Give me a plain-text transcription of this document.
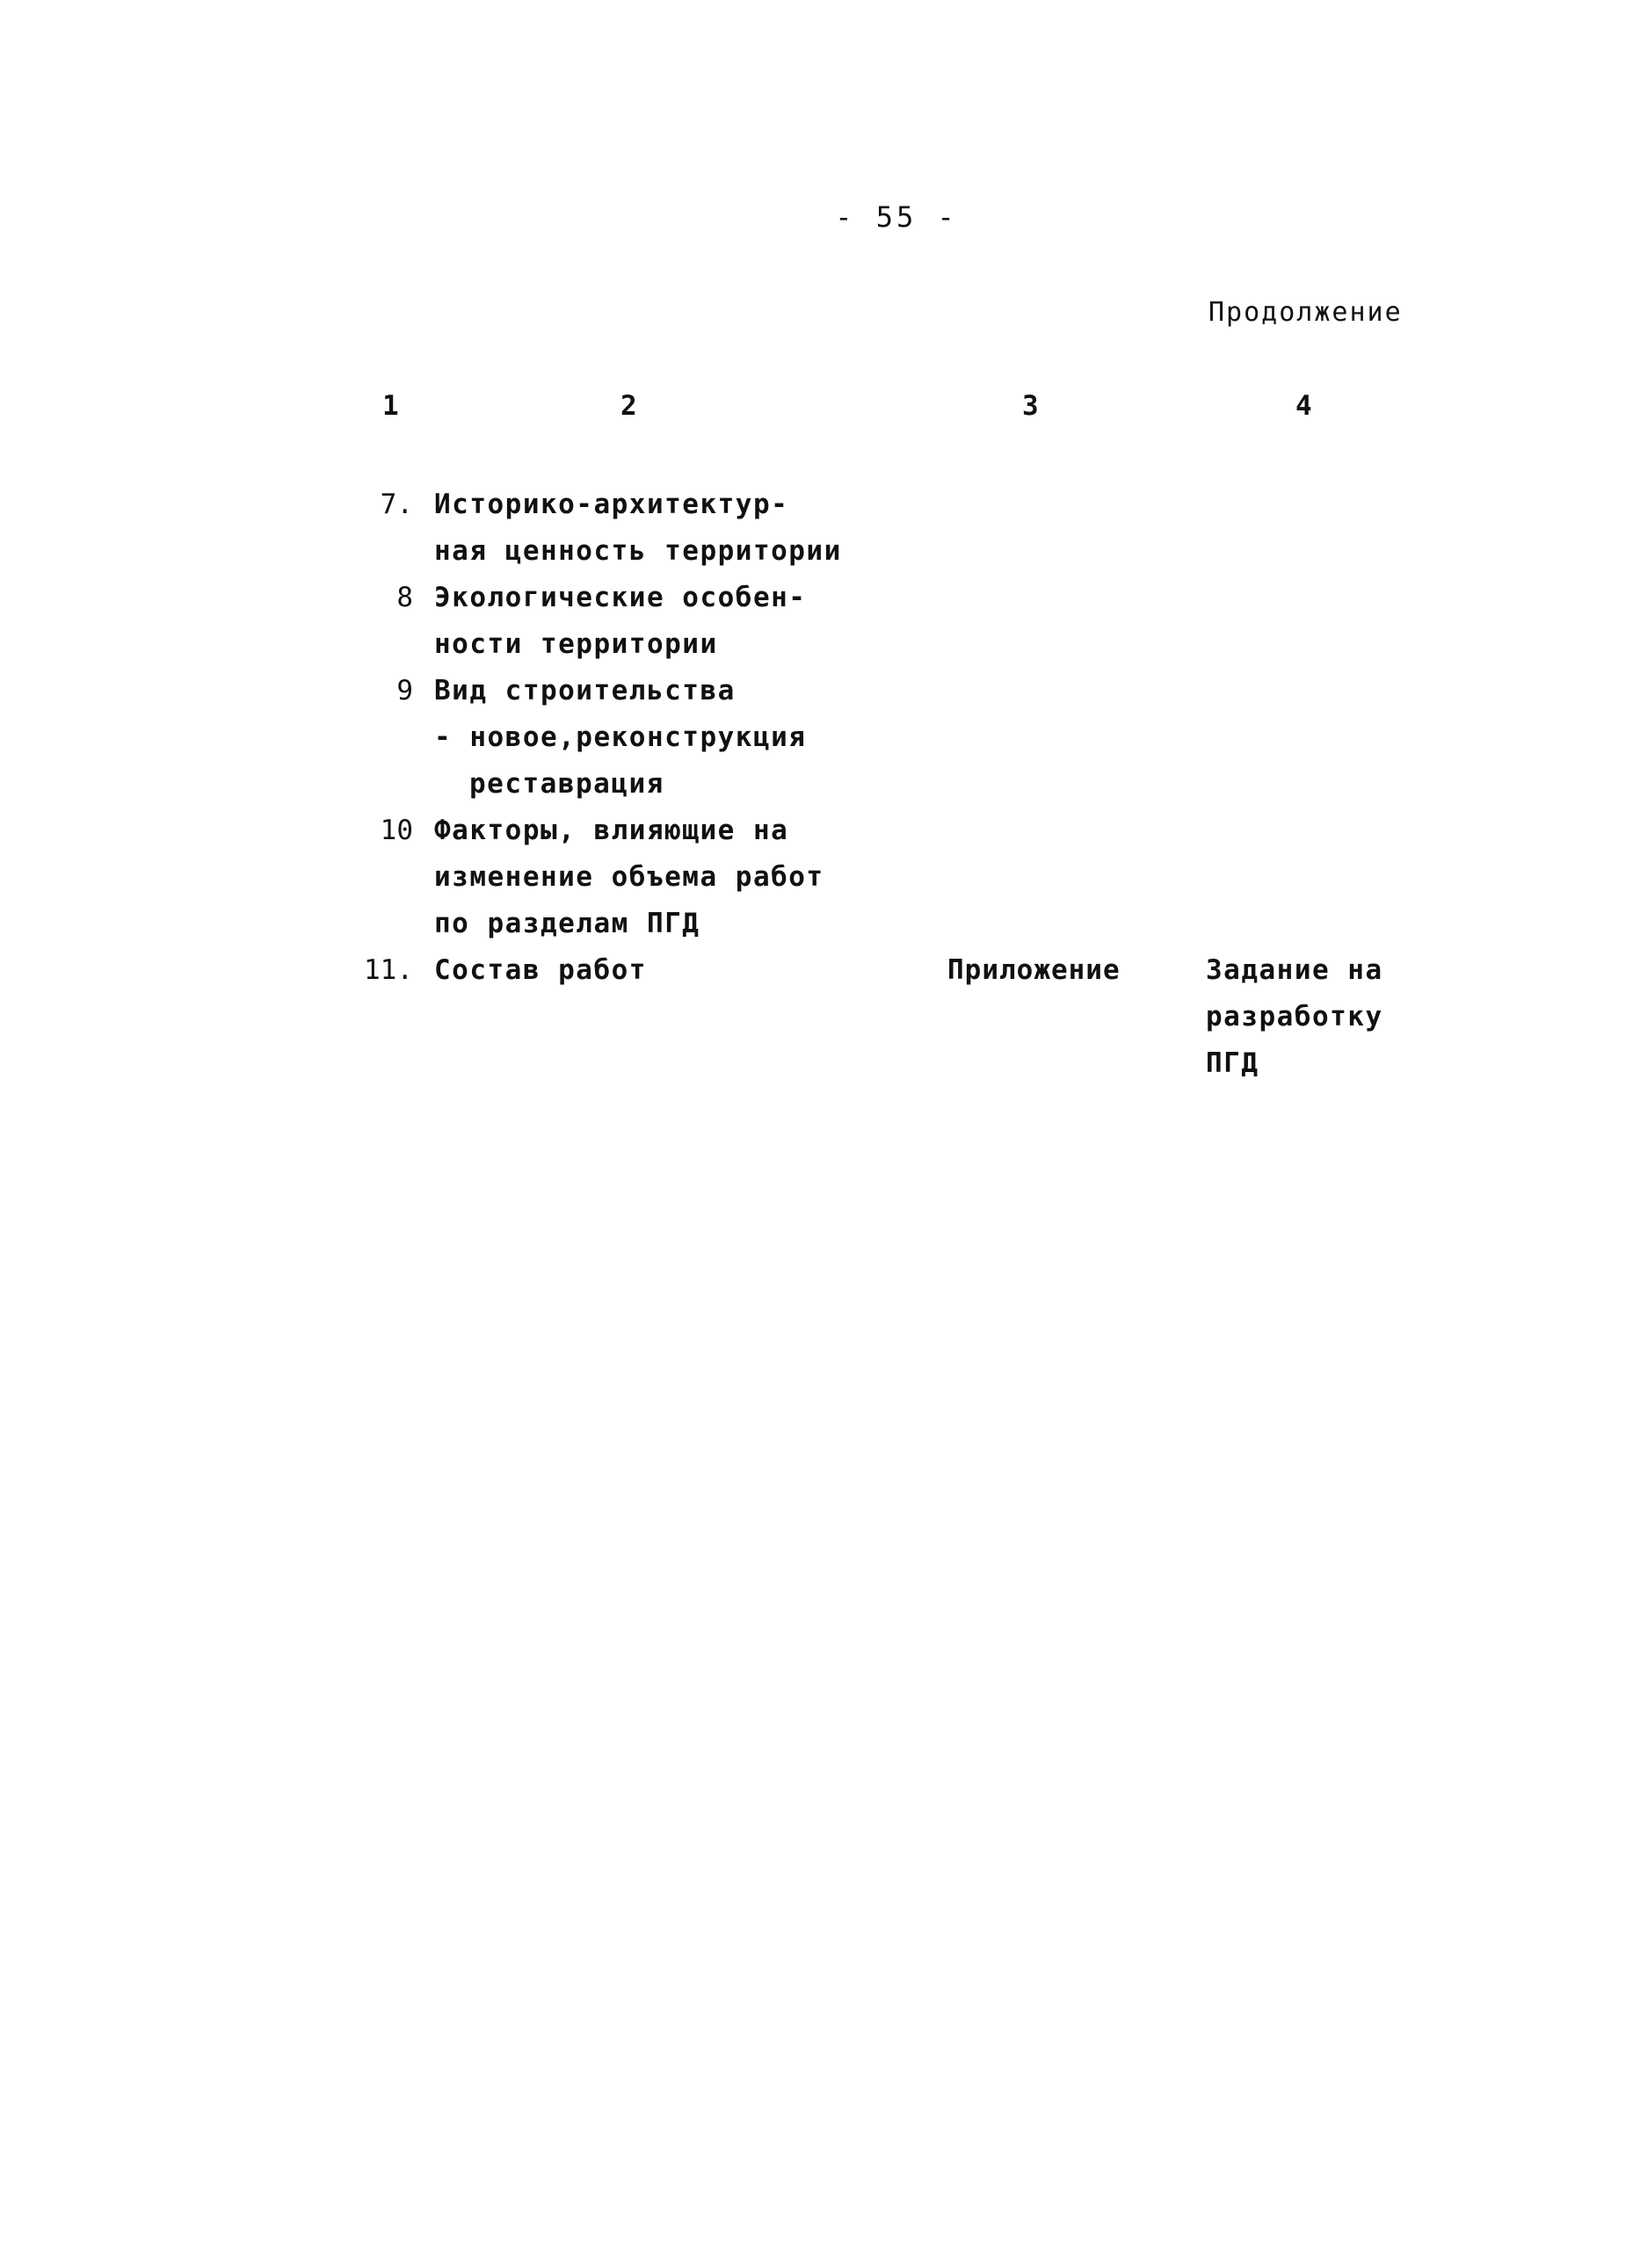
- 55 -
Продолжение
1	2	3	4
7. Историко-архитектур-
ная ценность территории
8 Экологические особен-
ности территории
9 Вид строительства
- новое,реконструкция
реставрация
10 Факторы, влияющие на
изменение объема работ
по разделам ПГД
11. Состав работ	Приложение	Задание на
разработку
ПГД
